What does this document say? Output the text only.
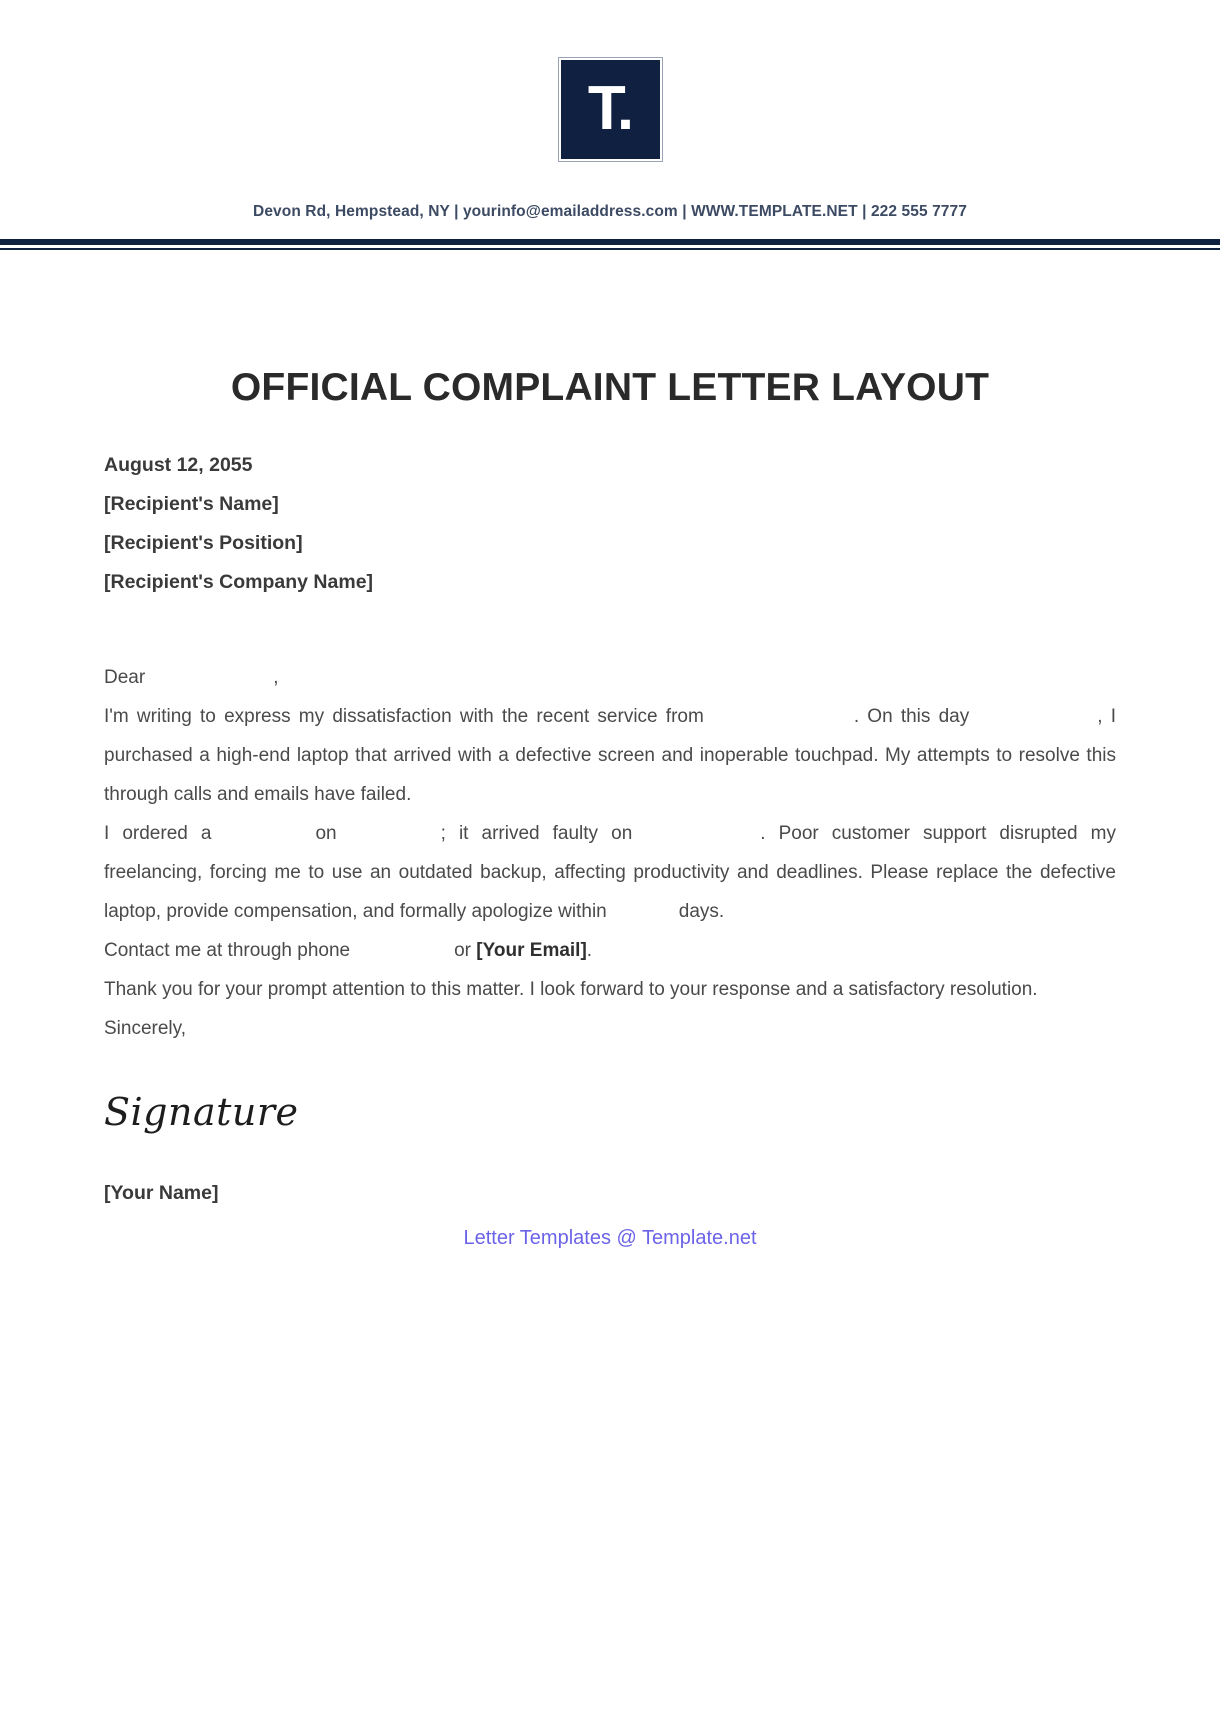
T.
Devon Rd, Hempstead, NY | yourinfo@emailaddress.com | WWW.TEMPLATE.NET | 222 555 7777
OFFICIAL COMPLAINT LETTER LAYOUT
August 12, 2055
[Recipient's Name]
[Recipient's Position]
[Recipient's Company Name]

Dear	,

I'm writing to express my dissatisfaction with the recent service from	. On this day	, I purchased a high-end laptop that arrived with a defective screen and inoperable touchpad. My attempts to resolve this through calls and emails have failed.

I ordered a	on	; it arrived faulty on	. Poor customer support disrupted my freelancing, forcing me to use an outdated backup, affecting productivity and deadlines. Please replace the defective laptop, provide compensation, and formally apologize within	days.

Contact me at through phone	or [Your Email].

Thank you for your prompt attention to this matter. I look forward to your response and a satisfactory resolution.

Sincerely,

Signature
[Your Name]
Letter Templates @ Template.net
